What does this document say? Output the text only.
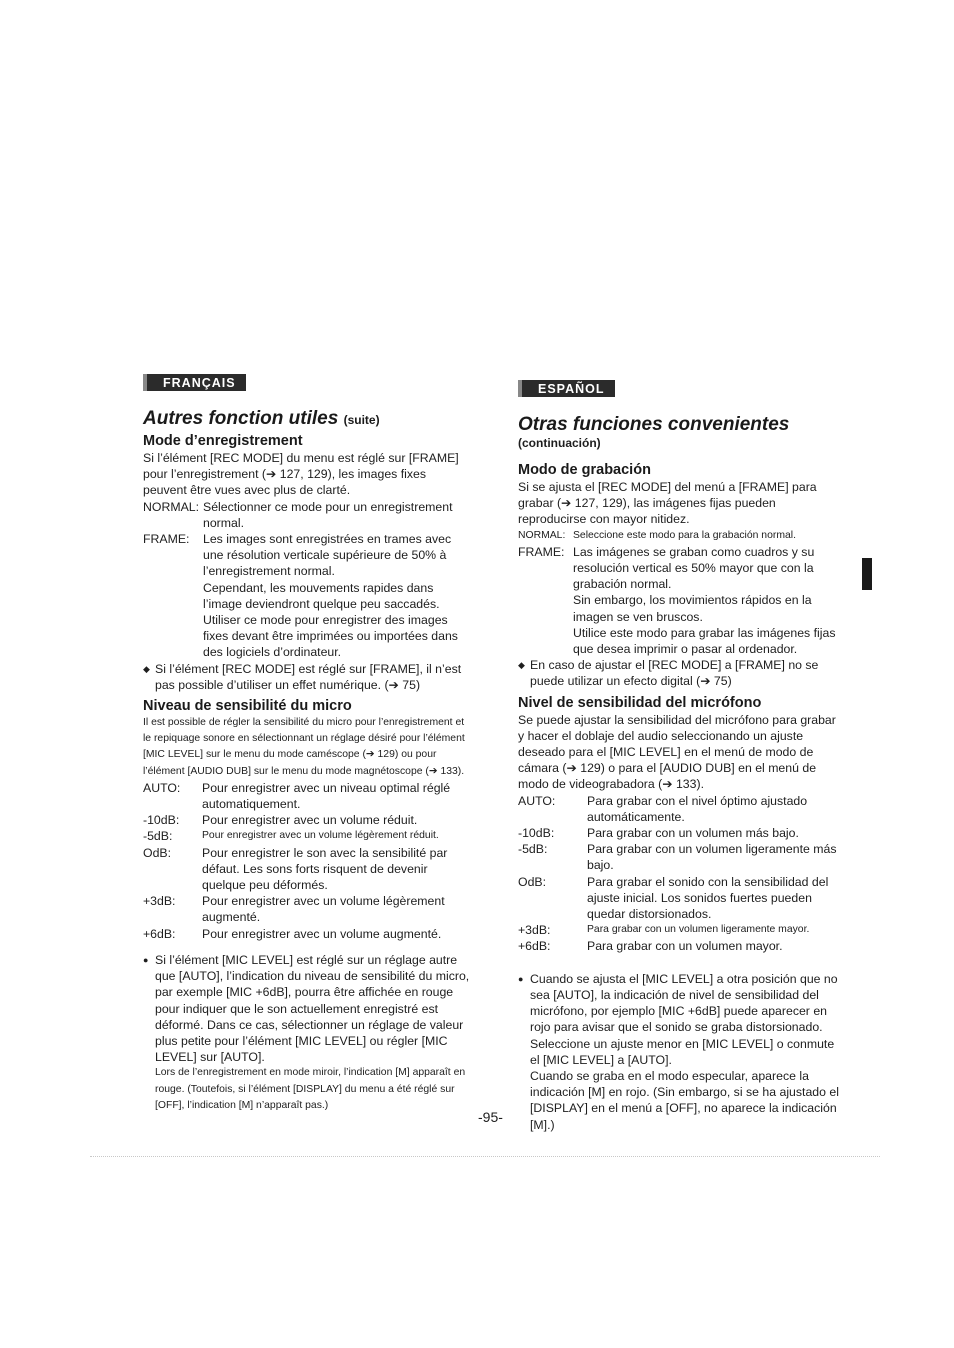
FRANÇAIS
Autres fonction utiles (suite)
Mode d’enregistrement

Si l’élément [REC MODE] du menu est réglé sur [FRAME] pour l’enregistrement (➔ 127, 129), les images fixes peuvent être vues avec plus de clarté.

NORMAL: Sélectionner ce mode pour un enregistrement normal.
FRAME:	Les images sont enregistrées en trames avec une résolution verticale supérieure de 50% à l’enregistrement normal.
Cependant, les mouvements rapides dans l’image deviendront quelque peu saccadés.
Utiliser ce mode pour enregistrer des images fixes devant être imprimées ou importées dans des logiciels d’ordinateur.
◆ Si l’élément [REC MODE] est réglé sur [FRAME], il n’est pas possible d’utiliser un effet numérique. (➔ 75)
Niveau de sensibilité du micro

Il est possible de régler la sensibilité du micro pour l’enregistrement et le repiquage sonore en sélectionnant un réglage désiré pour l’élément [MIC LEVEL] sur le menu du mode caméscope (➔ 129) ou pour l’élément [AUDIO DUB] sur le menu du mode magnétoscope (➔ 133).

AUTO:	Pour enregistrer avec un niveau optimal réglé automatiquement.
-10dB:	Pour enregistrer avec un volume réduit.
-5dB:	Pour enregistrer avec un volume légèrement réduit.
OdB:	Pour enregistrer le son avec la sensibilité par défaut. Les sons forts risquent de devenir quelque peu déformés.
+3dB:	Pour enregistrer avec un volume légèrement augmenté.
+6dB:	Pour enregistrer avec un volume augmenté.
● Si l’élément [MIC LEVEL] est réglé sur un réglage autre que [AUTO], l’indication du niveau de sensibilité du micro, par exemple [MIC +6dB], pourra être affichée en rouge pour indiquer que le son actuellement enregistré est déformé. Dans ce cas, sélectionner un réglage de valeur plus petite pour l’élément [MIC LEVEL] ou régler [MIC LEVEL] sur [AUTO].
Lors de l’enregistrement en mode miroir, l’indication [M] apparaît en rouge. (Toutefois, si l’élément [DISPLAY] du menu a été réglé sur [OFF], l’indication [M] n’apparaît pas.)
ESPAÑOL
Otras funciones convenientes
(continuación)
Modo de grabación

Si se ajusta el [REC MODE] del menú a [FRAME] para grabar (➔ 127, 129), las imágenes fijas pueden reproducirse con mayor nitidez.

NORMAL: Seleccione este modo para la grabación normal.
FRAME: Las imágenes se graban como cuadros y su resolución vertical es 50% mayor que con la grabación normal.
Sin embargo, los movimientos rápidos en la imagen se ven bruscos.
Utilice este modo para grabar las imágenes fijas que desea imprimir o pasar al ordenador.
◆ En caso de ajustar el [REC MODE] a [FRAME] no se puede utilizar un efecto digital (➔ 75)
Nivel de sensibilidad del micrófono

Se puede ajustar la sensibilidad del micrófono para grabar y hacer el doblaje del audio seleccionando un ajuste deseado para el [MIC LEVEL] en el menú de modo de cámara (➔ 129) o para el [AUDIO DUB] en el menú de modo de videograbadora (➔ 133).

AUTO:	Para grabar con el nivel óptimo ajustado automáticamente.
-10dB:	Para grabar con un volumen más bajo.
-5dB:	Para grabar con un volumen ligeramente más bajo.
OdB:	Para grabar el sonido con la sensibilidad del ajuste inicial. Los sonidos fuertes pueden quedar distorsionados.
+3dB:	Para grabar con un volumen ligeramente mayor.
+6dB:	Para grabar con un volumen mayor.
● Cuando se ajusta el [MIC LEVEL] a otra posición que no sea [AUTO], la indicación de nivel de sensibilidad del micrófono, por ejemplo [MIC +6dB] puede aparecer en rojo para avisar que el sonido se graba distorsionado. Seleccione un ajuste menor en [MIC LEVEL] o conmute el [MIC LEVEL] a [AUTO].
Cuando se graba en el modo especular, aparece la indicación [M] en rojo. (Sin embargo, si se ha ajustado el [DISPLAY] en el menú a [OFF], no aparece la indicación [M].)
-95-
